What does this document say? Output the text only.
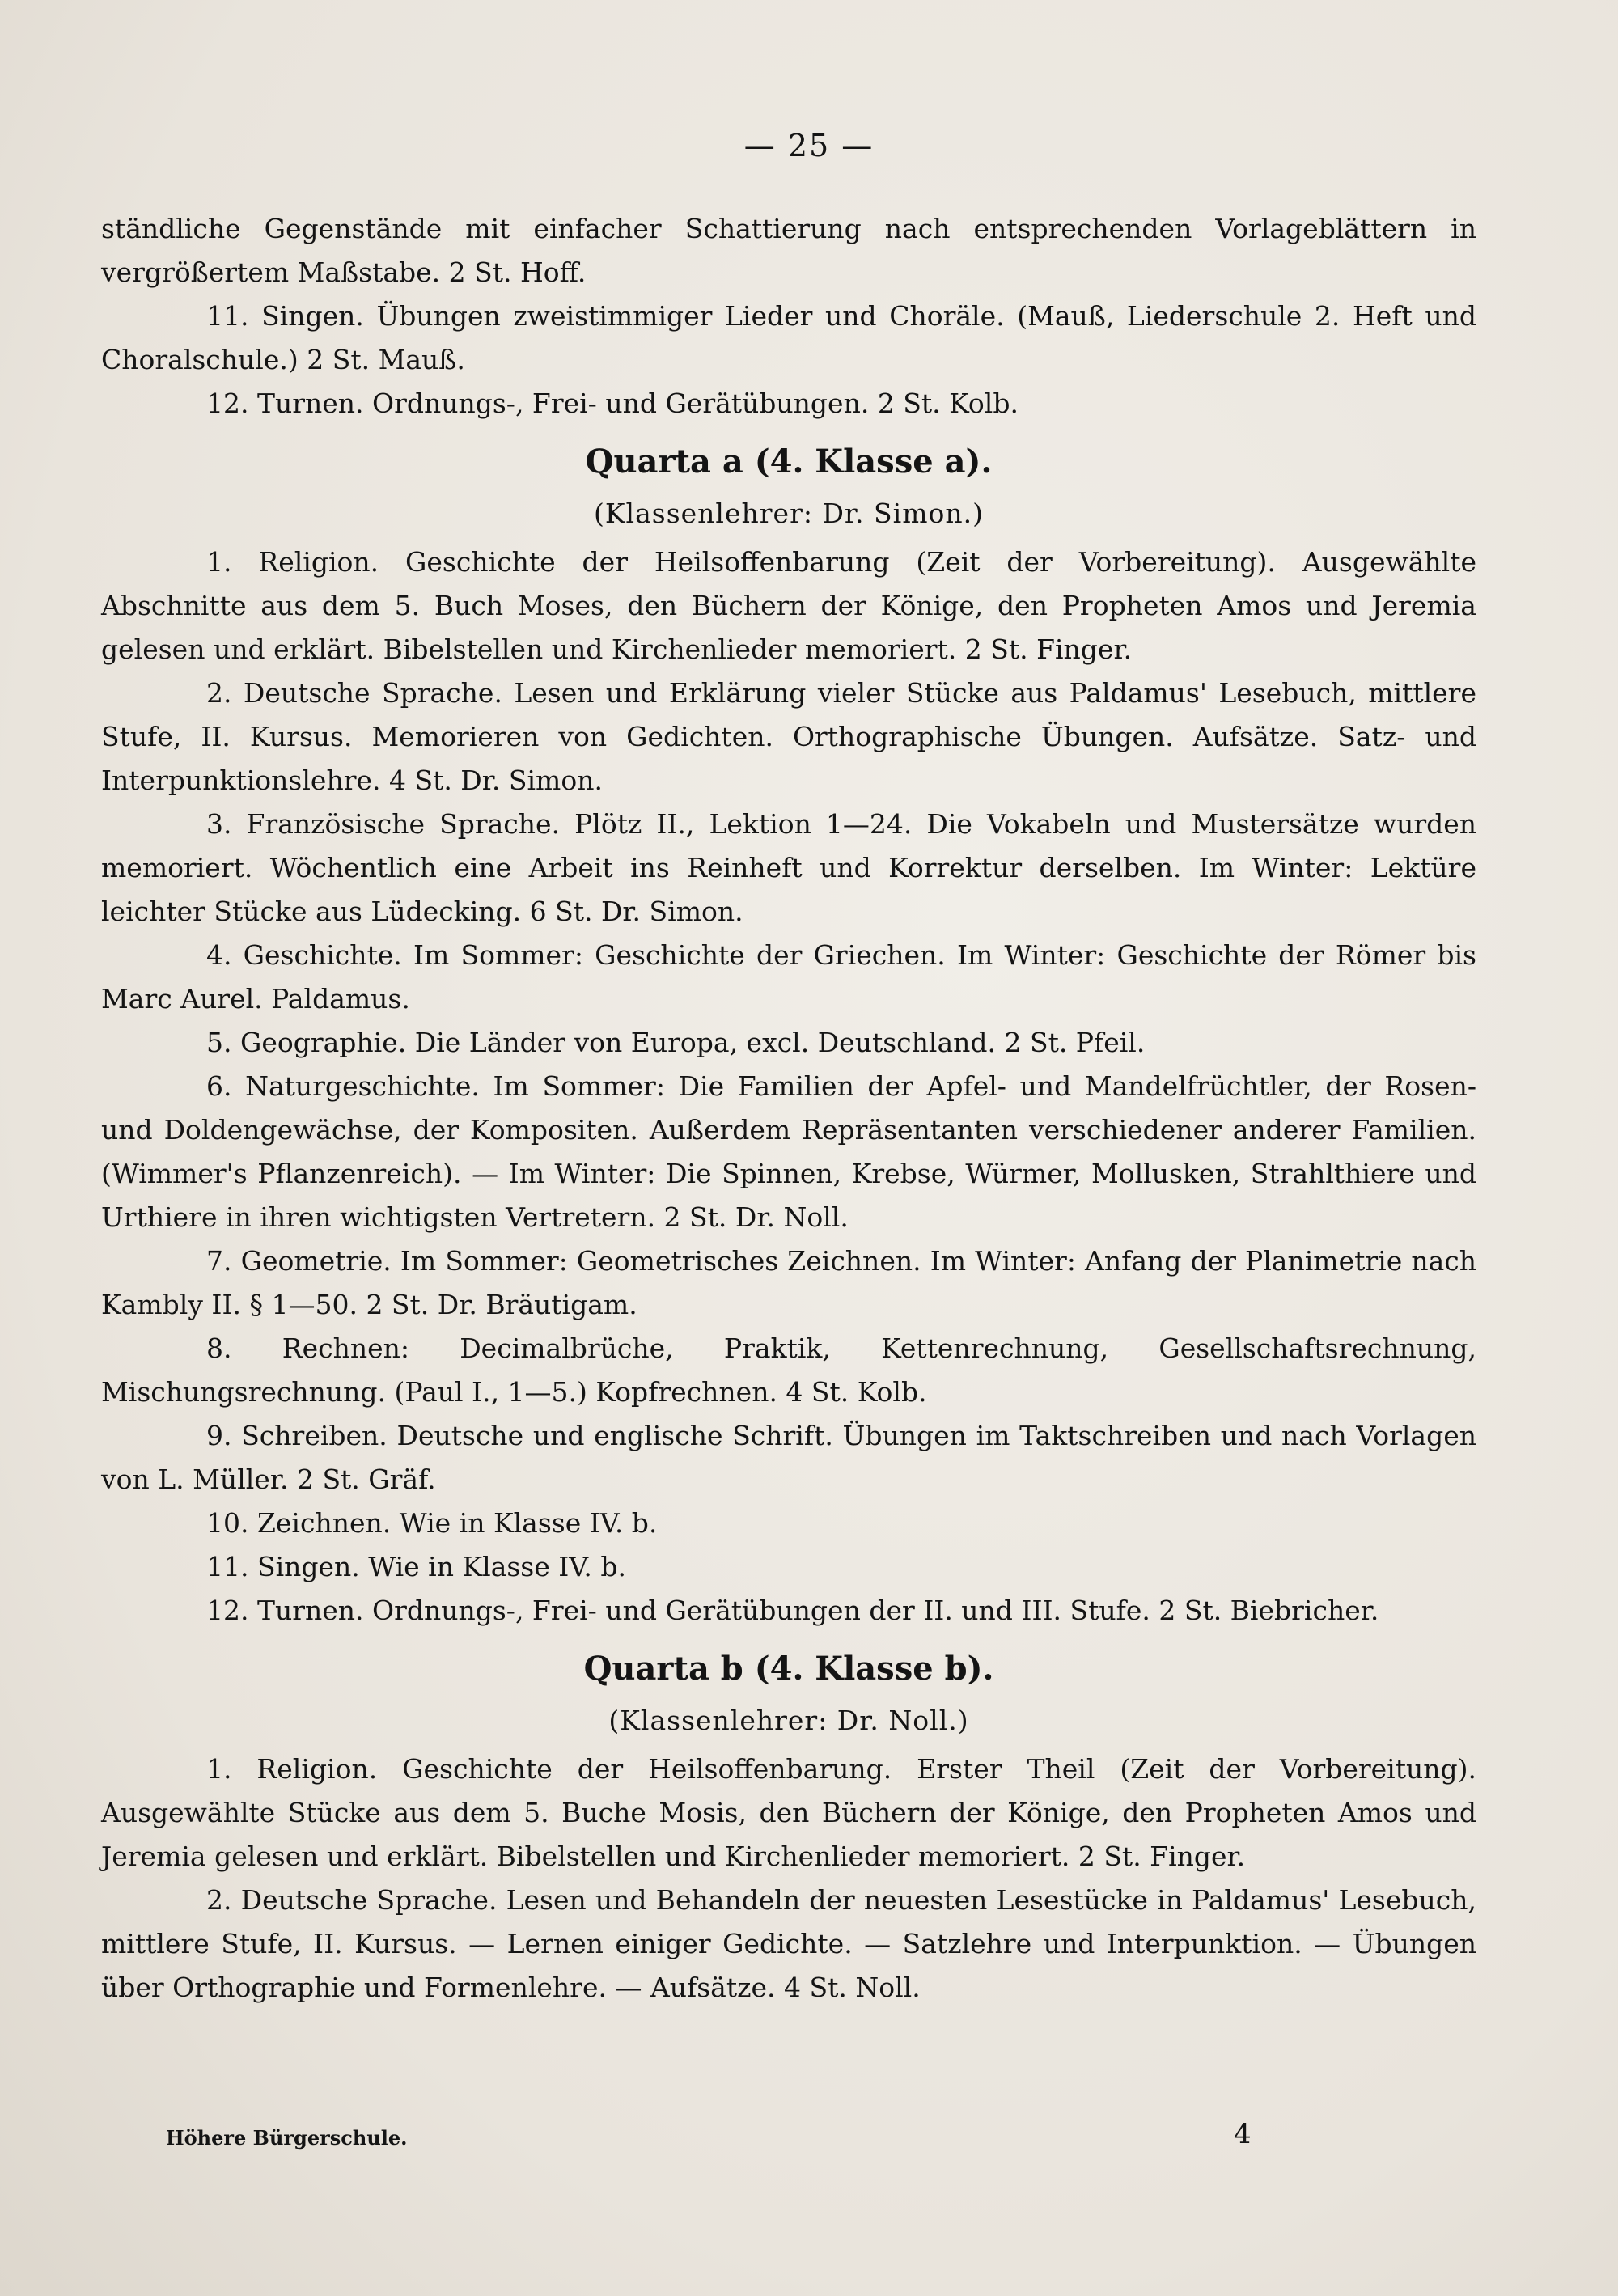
— 25 —

ständliche Gegenstände mit einfacher Schattierung nach entsprechenden Vorlageblättern in vergrößertem Maßstabe. 2 St. Hoff.

11. Singen. Übungen zweistimmiger Lieder und Choräle. (Mauß, Liederschule 2. Heft und Choralschule.) 2 St. Mauß.

12. Turnen. Ordnungs-, Frei- und Gerätübungen. 2 St. Kolb.

Quarta a (4. Klasse a).
(Klassenlehrer: Dr. Simon.)

1. Religion. Geschichte der Heilsoffenbarung (Zeit der Vorbereitung). Ausgewählte Abschnitte aus dem 5. Buch Moses, den Büchern der Könige, den Propheten Amos und Jeremia gelesen und erklärt. Bibelstellen und Kirchenlieder memoriert. 2 St. Finger.

2. Deutsche Sprache. Lesen und Erklärung vieler Stücke aus Paldamus' Lesebuch, mittlere Stufe, II. Kursus. Memorieren von Gedichten. Orthographische Übungen. Aufsätze. Satz- und Interpunktionslehre. 4 St. Dr. Simon.

3. Französische Sprache. Plötz II., Lektion 1—24. Die Vokabeln und Mustersätze wurden memoriert. Wöchentlich eine Arbeit ins Reinheft und Korrektur derselben. Im Winter: Lektüre leichter Stücke aus Lüdecking. 6 St. Dr. Simon.

4. Geschichte. Im Sommer: Geschichte der Griechen. Im Winter: Geschichte der Römer bis Marc Aurel. Paldamus.

5. Geographie. Die Länder von Europa, excl. Deutschland. 2 St. Pfeil.

6. Naturgeschichte. Im Sommer: Die Familien der Apfel- und Mandelfrüchtler, der Rosen- und Doldengewächse, der Kompositen. Außerdem Repräsentanten verschiedener anderer Familien. (Wimmer's Pflanzenreich). — Im Winter: Die Spinnen, Krebse, Würmer, Mollusken, Strahlthiere und Urthiere in ihren wichtigsten Vertretern. 2 St. Dr. Noll.

7. Geometrie. Im Sommer: Geometrisches Zeichnen. Im Winter: Anfang der Planimetrie nach Kambly II. § 1—50. 2 St. Dr. Bräutigam.

8. Rechnen: Decimalbrüche, Praktik, Kettenrechnung, Gesellschaftsrechnung, Mischungsrechnung. (Paul I., 1—5.) Kopfrechnen. 4 St. Kolb.

9. Schreiben. Deutsche und englische Schrift. Übungen im Taktschreiben und nach Vorlagen von L. Müller. 2 St. Gräf.

10. Zeichnen. Wie in Klasse IV. b.

11. Singen. Wie in Klasse IV. b.

12. Turnen. Ordnungs-, Frei- und Gerätübungen der II. und III. Stufe. 2 St. Biebricher.

Quarta b (4. Klasse b).
(Klassenlehrer: Dr. Noll.)

1. Religion. Geschichte der Heilsoffenbarung. Erster Theil (Zeit der Vorbereitung). Ausgewählte Stücke aus dem 5. Buche Mosis, den Büchern der Könige, den Propheten Amos und Jeremia gelesen und erklärt. Bibelstellen und Kirchenlieder memoriert. 2 St. Finger.

2. Deutsche Sprache. Lesen und Behandeln der neuesten Lesestücke in Paldamus' Lesebuch, mittlere Stufe, II. Kursus. — Lernen einiger Gedichte. — Satzlehre und Interpunktion. — Übungen über Orthographie und Formenlehre. — Aufsätze. 4 St. Noll.

Höhere Bürgerschule.	4
